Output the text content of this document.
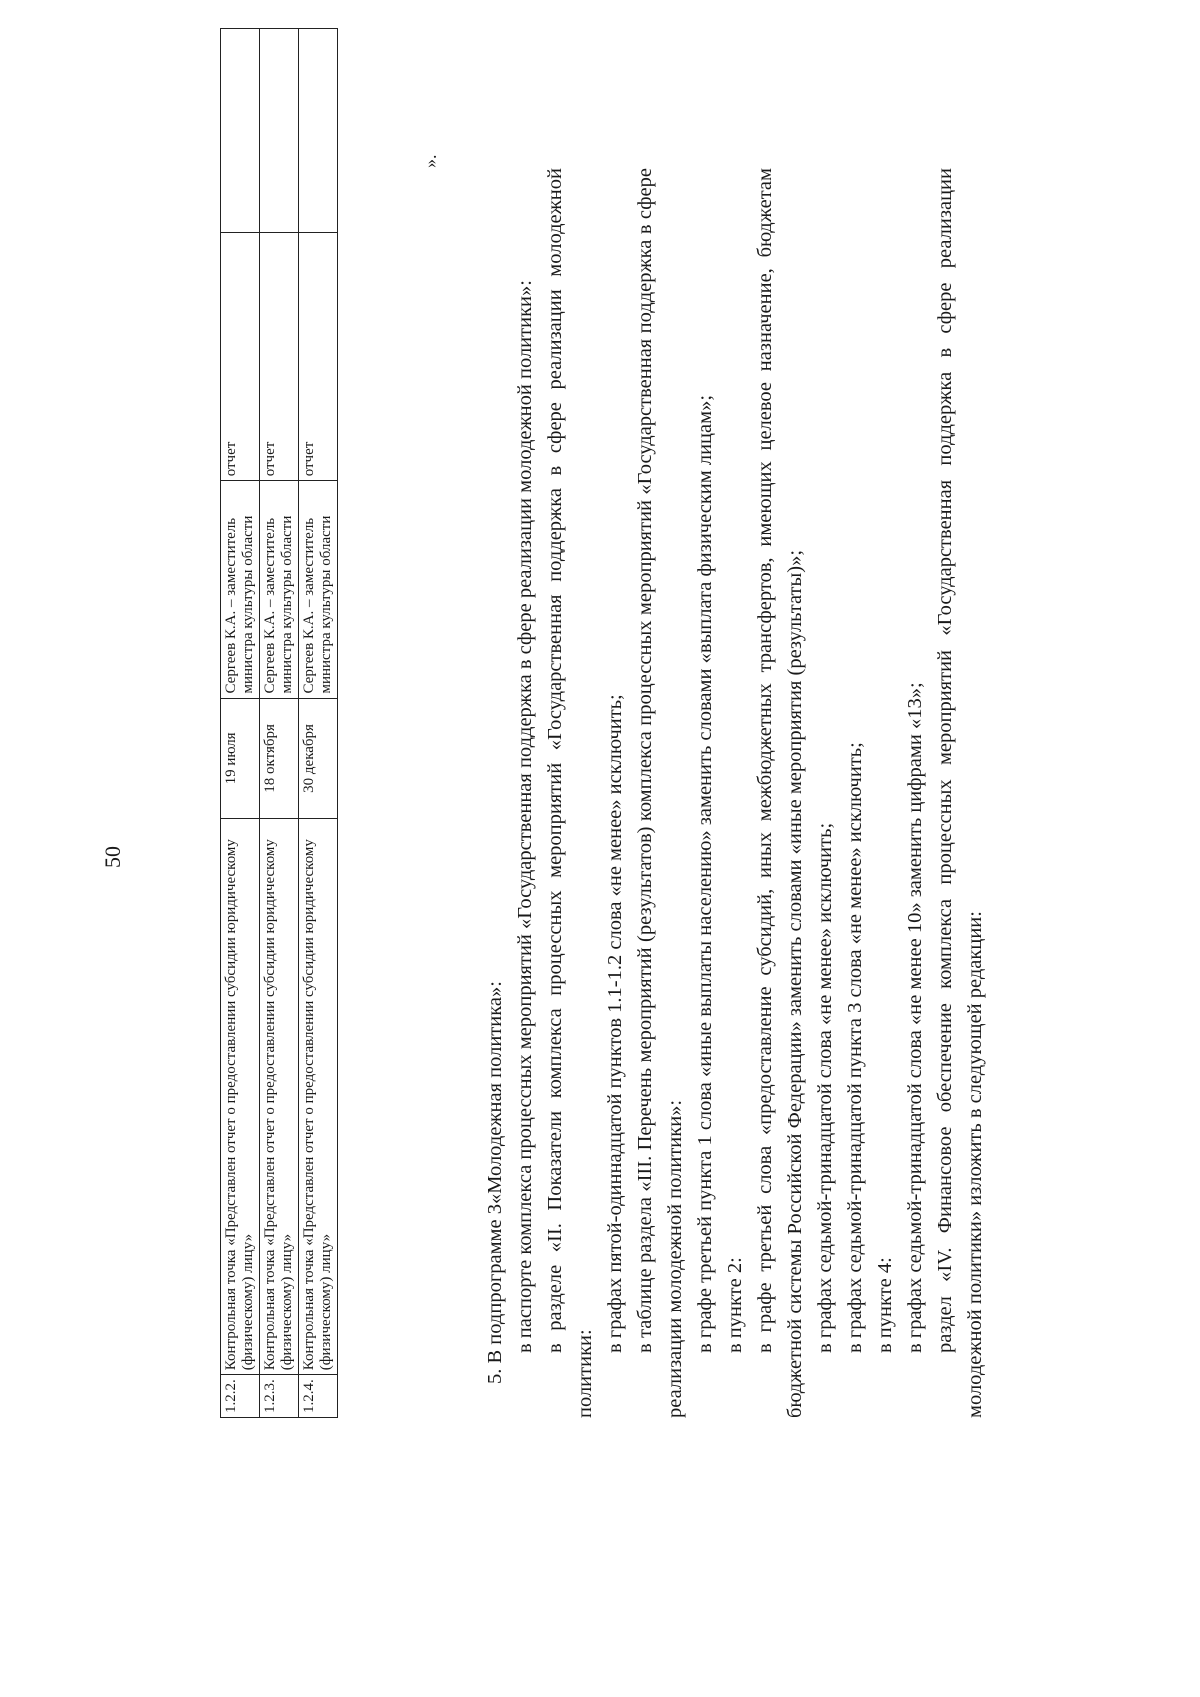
50
1.2.2.	Контрольная точка «Представлен отчет о предоставлении субсидии юридическому (физическому) лицу»	19 июля	Сергеев К.А. – заместитель министра культуры области	отчет	
1.2.3.	Контрольная точка «Представлен отчет о предоставлении субсидии юридическому (физическому) лицу»	18 октября	Сергеев К.А. – заместитель министра культуры области	отчет	
1.2.4.	Контрольная точка «Представлен отчет о предоставлении субсидии юридическому (физическому) лицу»	30 декабря	Сергеев К.А. – заместитель министра культуры области	отчет	
».

5. В подпрограмме 3«Молодежная политика»: в паспорте комплекса процессных мероприятий «Государственная поддержка в сфере реализации молодежной политики»: в разделе «II. Показатели комплекса процессных мероприятий «Государственная поддержка в сфере реализации молодежной политики:

в графах пятой-одиннадцатой пунктов 1.1-1.2 слова «не менее» исключить; в таблице раздела «III. Перечень мероприятий (результатов) комплекса процессных мероприятий «Государственная поддержка в сфере реализации молодежной политики»: в графе третьей пункта 1 слова «иные выплаты населению» заменить словами «выплата физическим лицам»; в пункте 2: в графе третьей слова «предоставление субсидий, иных межбюджетных трансфертов, имеющих целевое назначение, бюджетам бюджетной системы Российской Федерации» заменить словами «иные мероприятия (результаты)»; в графах седьмой-тринадцатой слова «не менее» исключить; в графах седьмой-тринадцатой пункта 3 слова «не менее» исключить; в пункте 4: в графах седьмой-тринадцатой слова «не менее 10» заменить цифрами «13»; раздел «IV. Финансовое обеспечение комплекса процессных мероприятий «Государственная поддержка в сфере реализации молодежной политики» изложить в следующей редакции:
